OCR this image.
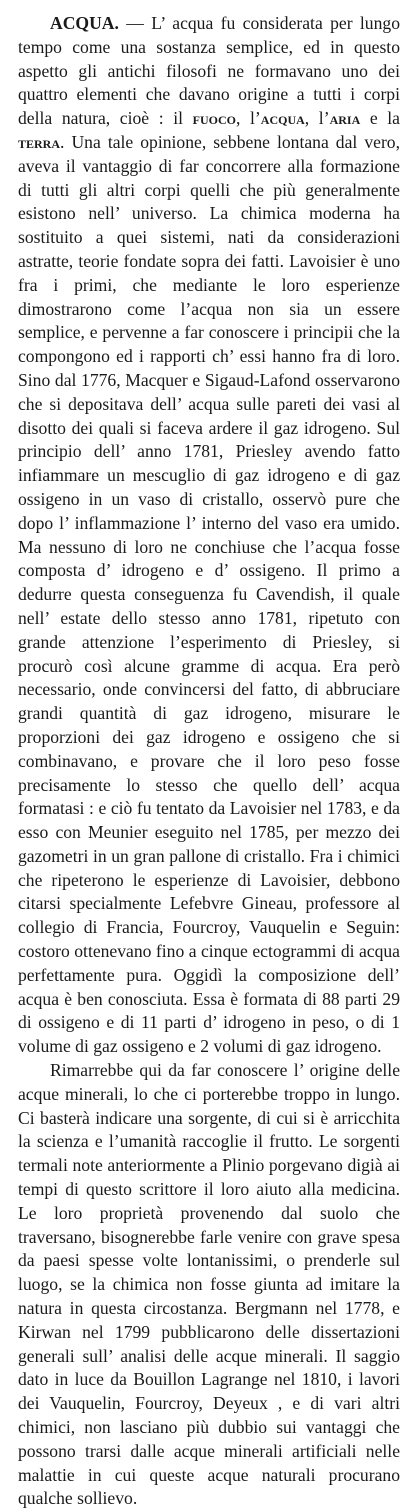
ACQUA. — L’ acqua fu considerata per lungo tempo come una sostanza semplice, ed in questo aspetto gli antichi filosofi ne formavano uno dei quattro elementi che davano origine a tutti i corpi della natura, cioè : il fuoco, l’acqua, l’aria e la terra. Una tale opinione, sebbene lontana dal vero, aveva il vantaggio di far concorrere alla formazione di tutti gli altri corpi quelli che più generalmente esistono nell’ universo. La chimica moderna ha sostituito a quei sistemi, nati da considerazioni astratte, teorie fondate sopra dei fatti. Lavoisier è uno fra i primi, che mediante le loro esperienze dimostrarono come l’acqua non sia un essere semplice, e pervenne a far conoscere i principii che la compongono ed i rapporti ch’ essi hanno fra di loro. Sino dal 1776, Macquer e Sigaud-Lafond osservarono che si depositava dell’ acqua sulle pareti dei vasi al disotto dei quali si faceva ardere il gaz idrogeno. Sul principio dell’ anno 1781, Priesley avendo fatto infiammare un mescuglio di gaz idrogeno e di gaz ossigeno in un vaso di cristallo, osservò pure che dopo l’ inflammazione l’ interno del vaso era umido. Ma nessuno di loro ne conchiuse che l’acqua fosse composta d’ idrogeno e d’ ossigeno. Il primo a dedurre questa conseguenza fu Cavendish, il quale nell’ estate dello stesso anno 1781, ripetuto con grande attenzione l’esperimento di Priesley, si procurò così alcune gramme di acqua. Era però necessario, onde convincersi del fatto, di abbruciare grandi quantità di gaz idrogeno, misurare le proporzioni dei gaz idrogeno e ossigeno che si combinavano, e provare che il loro peso fosse precisamente lo stesso che quello dell’ acqua formatasi : e ciò fu tentato da Lavoisier nel 1783, e da esso con Meunier eseguito nel 1785, per mezzo dei gazometri in un gran pallone di cristallo. Fra i chimici che ripeterono le esperienze di Lavoisier, debbono citarsi specialmente Lefebvre Gineau, professore al collegio di Francia, Fourcroy, Vauquelin e Seguin: costoro ottenevano fino a cinque ectogrammi di acqua perfettamente pura. Oggidì la composizione dell’ acqua è ben conosciuta. Essa è formata di 88 parti 29 di ossigeno e di 11 parti d’ idrogeno in peso, o di 1 volume di gaz ossigeno e 2 volumi di gaz idrogeno.

Rimarrebbe qui da far conoscere l’ origine delle acque minerali, lo che ci porterebbe troppo in lungo. Ci basterà indicare una sorgente, di cui si è arricchita la scienza e l’umanità raccoglie il frutto. Le sorgenti termali note anteriormente a Plinio porgevano digià ai tempi di questo scrittore il loro aiuto alla medicina. Le loro proprietà provenendo dal suolo che traversano, bisognerebbe farle venire con grave spesa da paesi spesse volte lontanissimi, o prenderle sul luogo, se la chimica non fosse giunta ad imitare la natura in questa circostanza. Bergmann nel 1778, e Kirwan nel 1799 pubblicarono delle dissertazioni generali sull’ analisi delle acque minerali. Il saggio dato in luce da Bouillon Lagrange nel 1810, i lavori dei Vauquelin, Fourcroy, Deyeux , e di vari altri chimici, non lasciano più dubbio sui vantaggi che possono trarsi dalle acque minerali artificiali nelle malattie in cui queste acque naturali procurano qualche sollievo.
